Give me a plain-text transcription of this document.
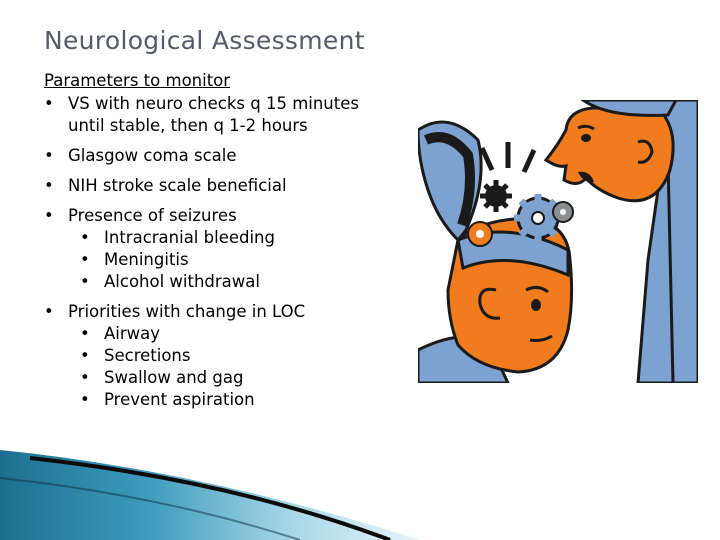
Neurological Assessment
Parameters to monitor
• VS with neuro checks q 15 minutes until stable, then q 1-2 hours
• Glasgow coma scale
• NIH stroke scale beneficial
• Presence of seizures
• Intracranial bleeding
• Meningitis
• Alcohol withdrawal
• Priorities with change in LOC
• Airway
• Secretions
• Swallow and gag
• Prevent aspiration
